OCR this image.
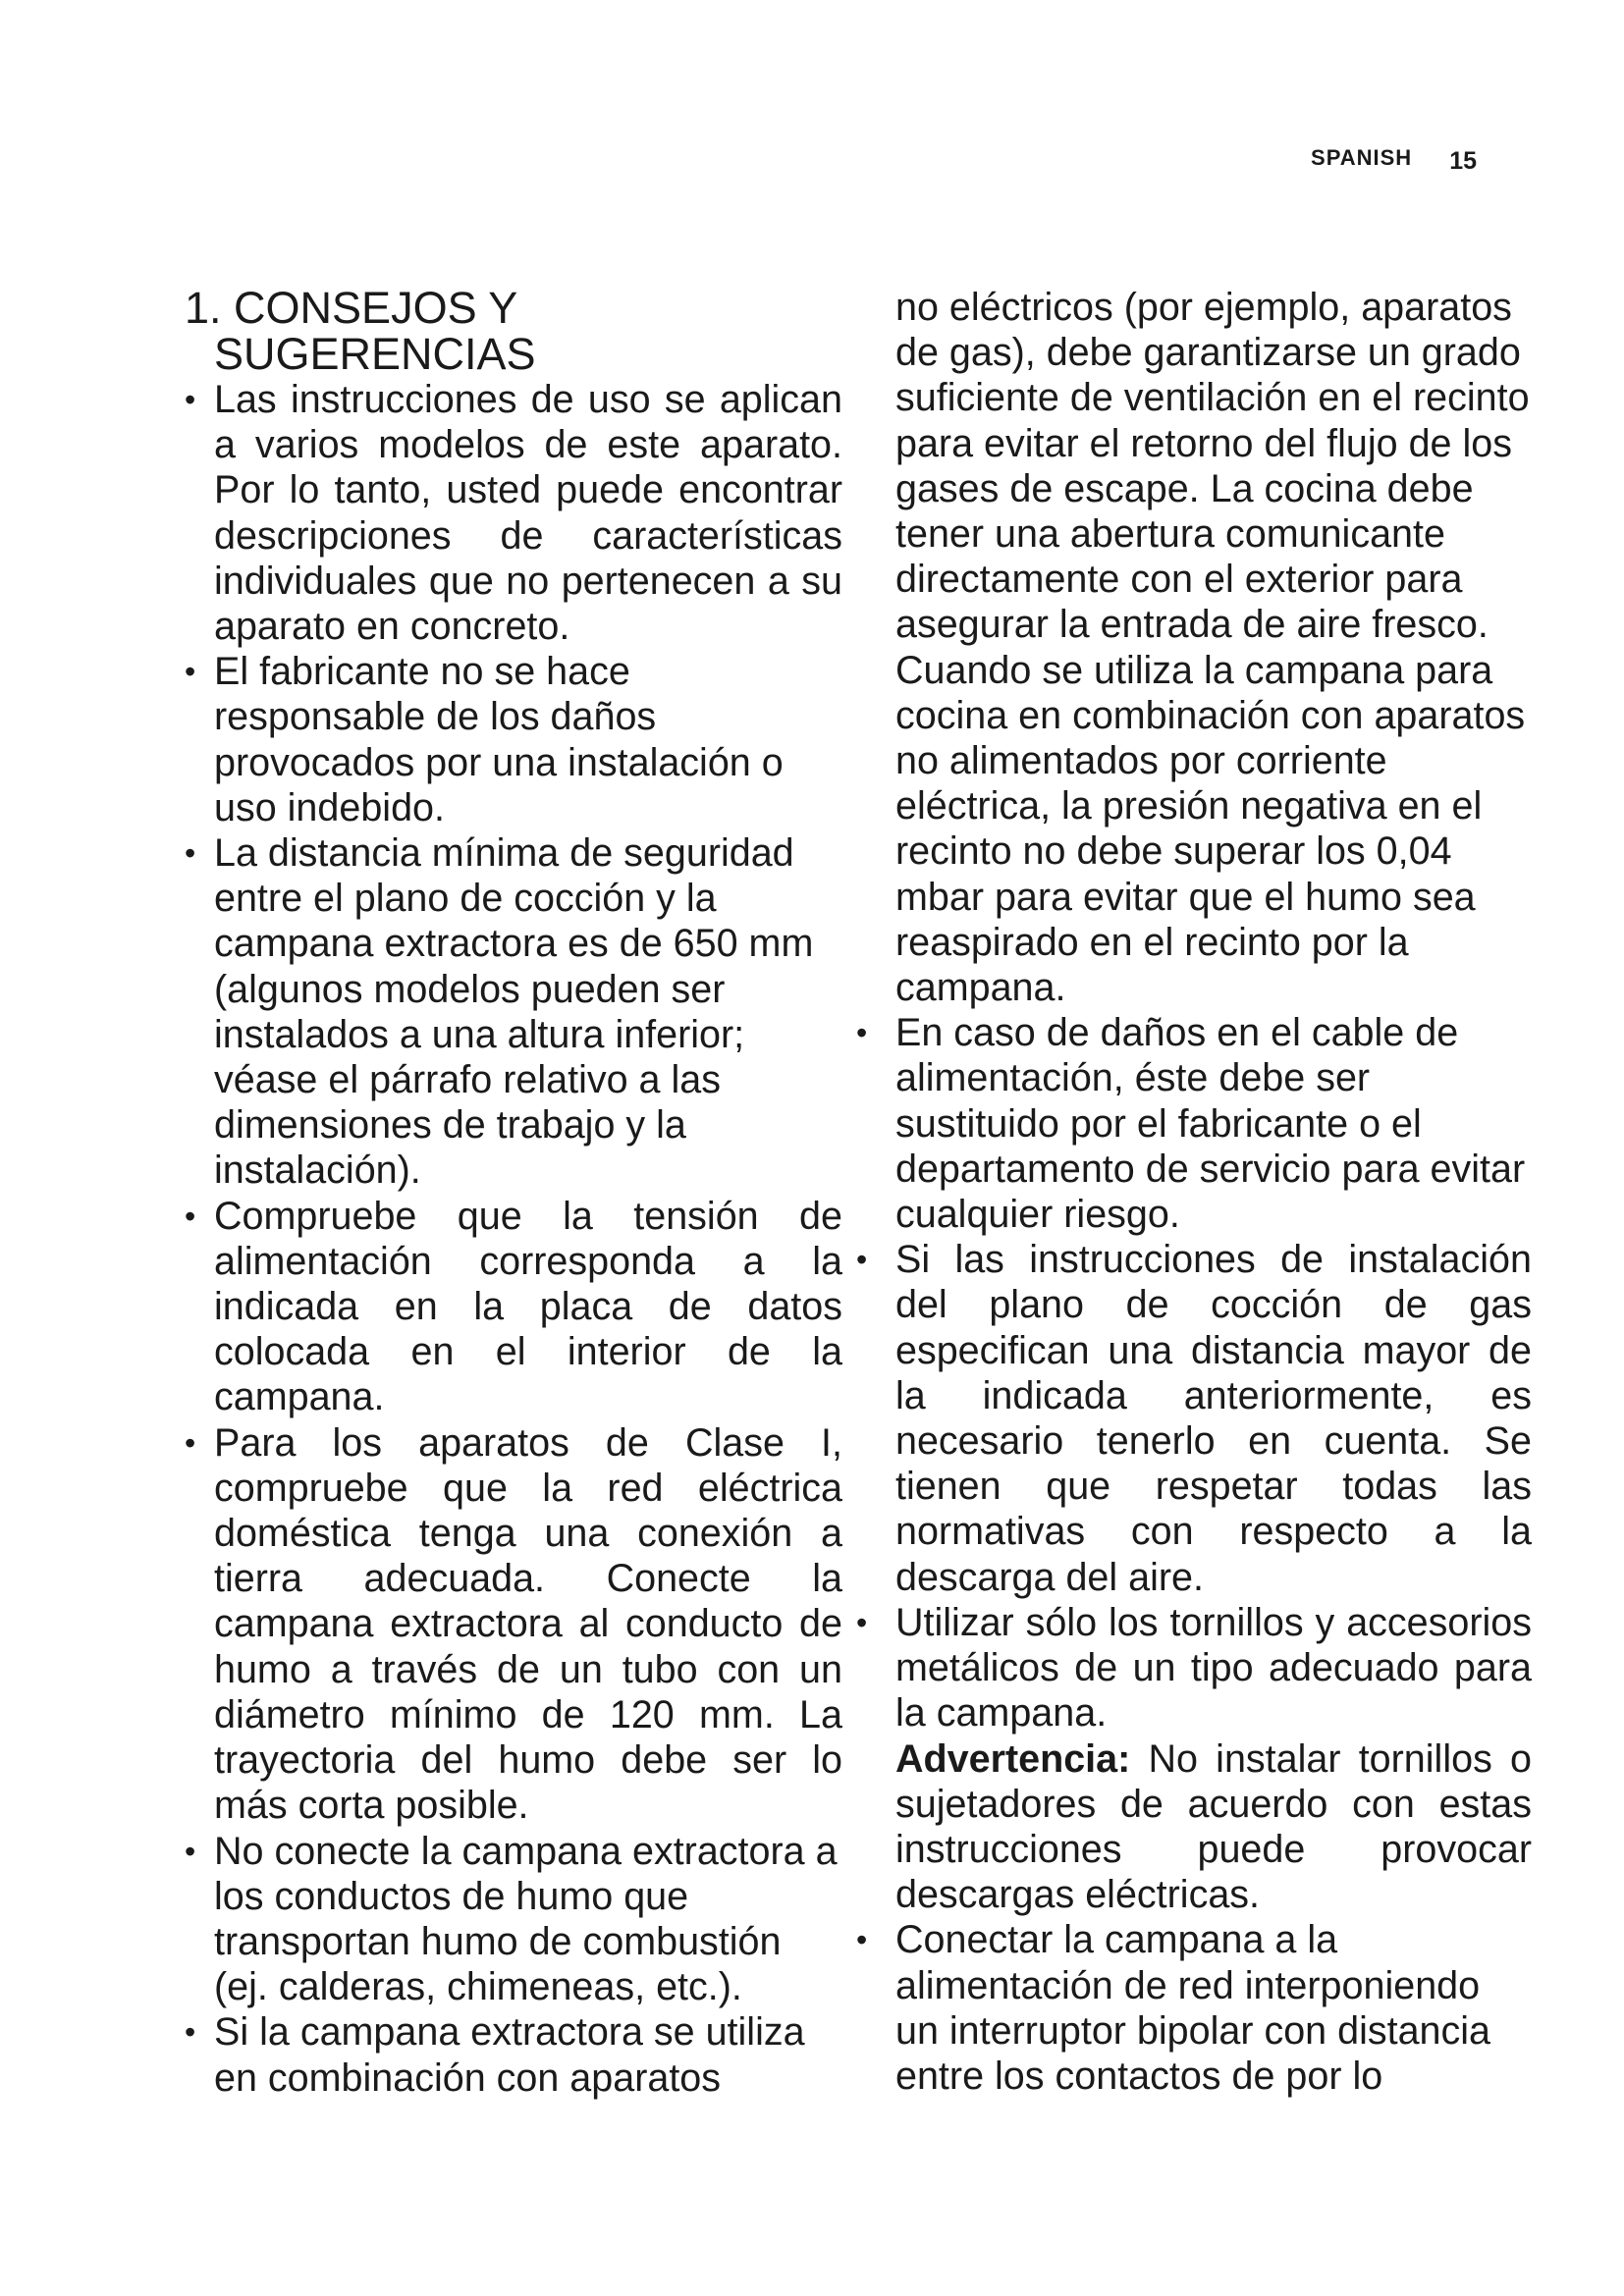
SPANISH 15
1. CONSEJOS Y
SUGERENCIAS

• Las instrucciones de uso se aplican a varios modelos de este aparato. Por lo tanto, usted puede encontrar descripciones de características individuales que no pertenecen a su aparato en concreto.

• El fabricante no se hace responsable de los daños provocados por una instalación o uso indebido.

• La distancia mínima de seguridad entre el plano de cocción y la campana extractora es de 650 mm (algunos modelos pueden ser instalados a una altura inferior; véase el párrafo relativo a las dimensiones de trabajo y la instalación).

• Compruebe que la tensión de alimentación corresponda a la indicada en la placa de datos colocada en el interior de la campana.

• Para los aparatos de Clase I, compruebe que la red eléctrica doméstica tenga una conexión a tierra adecuada. Conecte la campana extractora al conducto de humo a través de un tubo con un diámetro mínimo de 120 mm. La trayectoria del humo debe ser lo más corta posible.

• No conecte la campana extractora a los conductos de humo que transportan humo de combustión (ej. calderas, chimeneas, etc.).

• Si la campana extractora se utiliza en combinación con aparatos

no eléctricos (por ejemplo, aparatos de gas), debe garantizarse un grado suficiente de ventilación en el recinto para evitar el retorno del flujo de los gases de escape. La cocina debe tener una abertura comunicante directamente con el exterior para asegurar la entrada de aire fresco. Cuando se utiliza la campana para cocina en combinación con aparatos no alimentados por corriente eléctrica, la presión negativa en el recinto no debe superar los 0,04 mbar para evitar que el humo sea reaspirado en el recinto por la campana.

• En caso de daños en el cable de alimentación, éste debe ser sustituido por el fabricante o el departamento de servicio para evitar cualquier riesgo.

• Si las instrucciones de instalación del plano de cocción de gas especifican una distancia mayor de la indicada anteriormente, es necesario tenerlo en cuenta. Se tienen que respetar todas las normativas con respecto a la descarga del aire.

• Utilizar sólo los tornillos y accesorios metálicos de un tipo adecuado para la campana.

Advertencia: No instalar tornillos o sujetadores de acuerdo con estas instrucciones puede provocar descargas eléctricas.

• Conectar la campana a la alimentación de red interponiendo un interruptor bipolar con distancia entre los contactos de por lo
